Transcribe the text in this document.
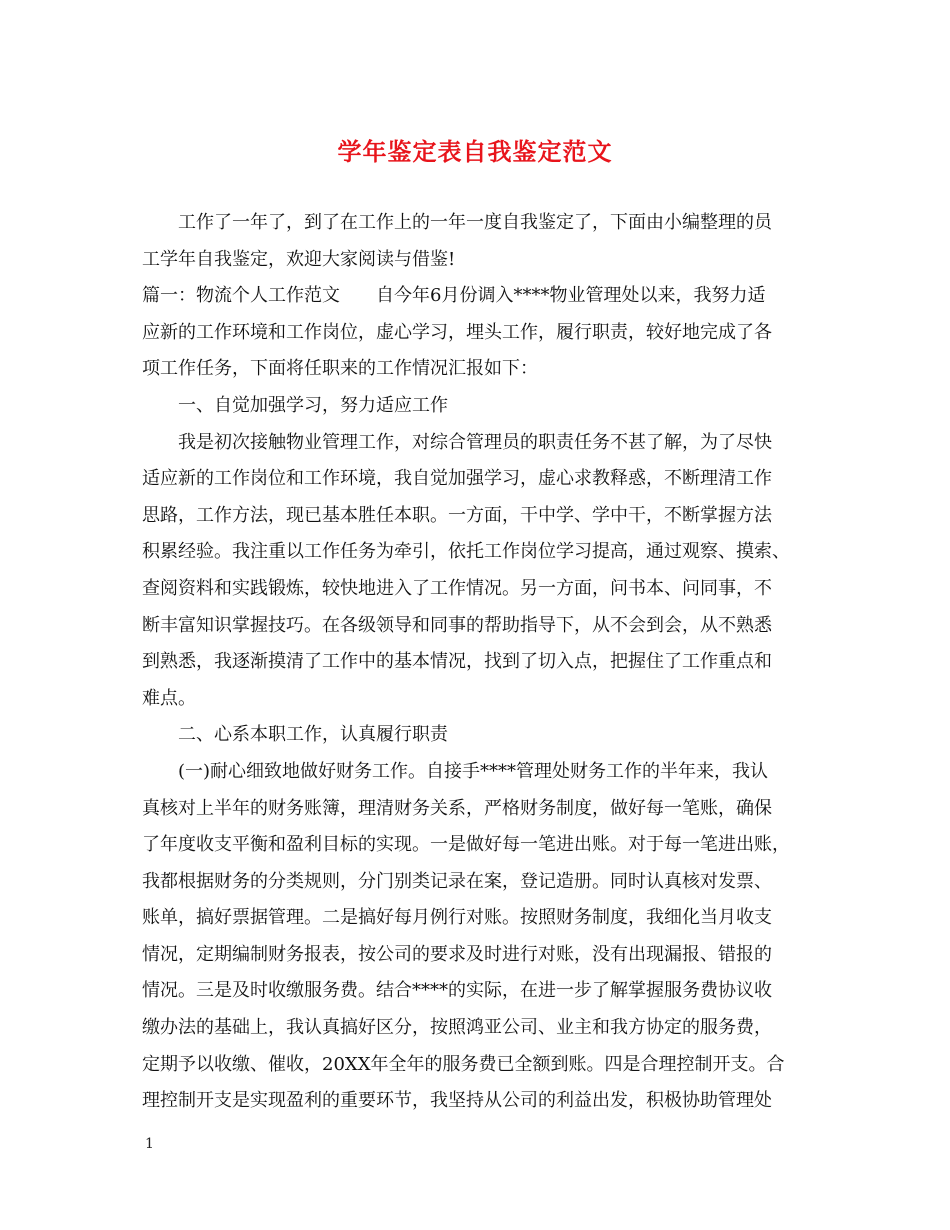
学年鉴定表自我鉴定范文
　　工作了一年了，到了在工作上的一年一度自我鉴定了，下面由小编整理的员
工学年自我鉴定，欢迎大家阅读与借鉴!
篇一：物流个人工作范文　　自今年6月份调入****物业管理处以来，我努力适
应新的工作环境和工作岗位，虚心学习，埋头工作，履行职责，较好地完成了各
项工作任务，下面将任职来的工作情况汇报如下：
　　一、自觉加强学习，努力适应工作
　　我是初次接触物业管理工作，对综合管理员的职责任务不甚了解，为了尽快
适应新的工作岗位和工作环境，我自觉加强学习，虚心求教释惑，不断理清工作
思路，工作方法，现已基本胜任本职。一方面，干中学、学中干，不断掌握方法
积累经验。我注重以工作任务为牵引，依托工作岗位学习提高，通过观察、摸索、
查阅资料和实践锻炼，较快地进入了工作情况。另一方面，问书本、问同事，不
断丰富知识掌握技巧。在各级领导和同事的帮助指导下，从不会到会，从不熟悉
到熟悉，我逐渐摸清了工作中的基本情况，找到了切入点，把握住了工作重点和
难点。
　　二、心系本职工作，认真履行职责
　　(一)耐心细致地做好财务工作。自接手****管理处财务工作的半年来，我认
真核对上半年的财务账簿，理清财务关系，严格财务制度，做好每一笔账，确保
了年度收支平衡和盈利目标的实现。一是做好每一笔进出账。对于每一笔进出账，
我都根据财务的分类规则，分门别类记录在案，登记造册。同时认真核对发票、
账单，搞好票据管理。二是搞好每月例行对账。按照财务制度，我细化当月收支
情况，定期编制财务报表，按公司的要求及时进行对账，没有出现漏报、错报的
情况。三是及时收缴服务费。结合****的实际，在进一步了解掌握服务费协议收
缴办法的基础上，我认真搞好区分，按照鸿亚公司、业主和我方协定的服务费，
定期予以收缴、催收，20XX年全年的服务费已全额到账。四是合理控制开支。合
理控制开支是实现盈利的重要环节，我坚持从公司的利益出发，积极协助管理处
1
